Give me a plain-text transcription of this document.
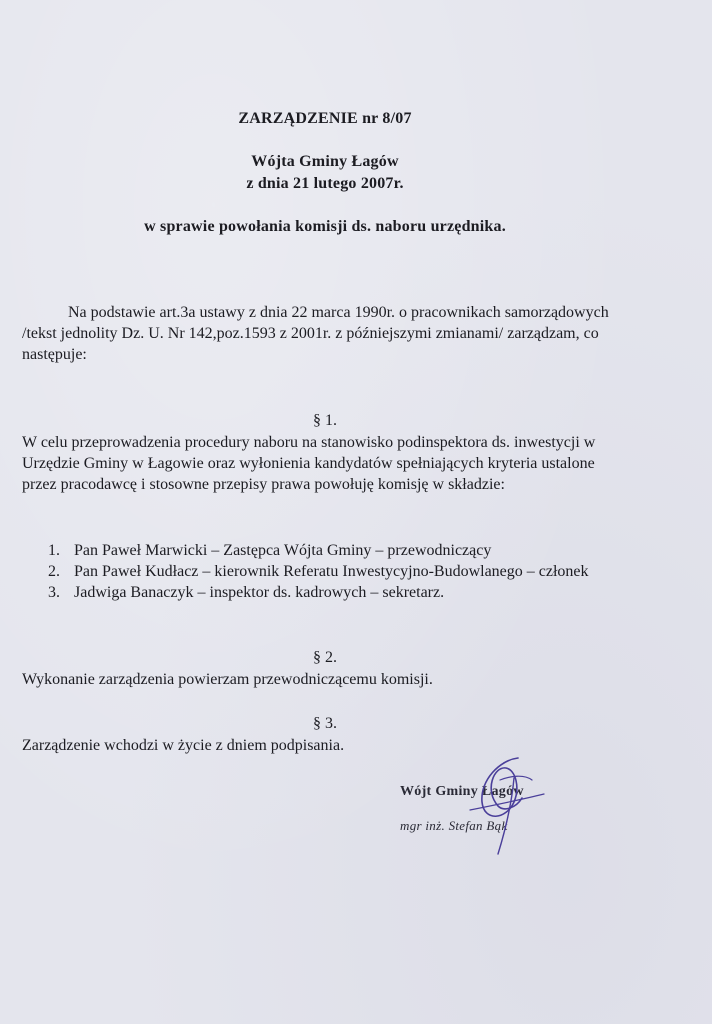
ZARZĄDZENIE nr 8/07
Wójta Gminy Łagów
z dnia 21 lutego 2007r.
w sprawie powołania komisji ds. naboru urzędnika.
Na podstawie art.3a ustawy z dnia 22 marca 1990r. o pracownikach samorządowych /tekst jednolity Dz. U. Nr 142,poz.1593 z 2001r. z późniejszymi zmianami/ zarządzam, co następuje:
§ 1.
W celu przeprowadzenia procedury naboru na stanowisko podinspektora ds. inwestycji w Urzędzie Gminy w Łagowie oraz wyłonienia kandydatów spełniających kryteria ustalone przez pracodawcę i stosowne przepisy prawa powołuję komisję w składzie:
1. Pan Paweł Marwicki – Zastępca Wójta Gminy – przewodniczący
2. Pan Paweł Kudłacz – kierownik Referatu Inwestycyjno-Budowlanego – członek
3. Jadwiga Banaczyk – inspektor ds. kadrowych – sekretarz.
§ 2.
Wykonanie zarządzenia powierzam przewodniczącemu komisji.
§ 3.
Zarządzenie wchodzi w życie z dniem podpisania.
Wójt Gminy Łagów
mgr inż. Stefan Bąk
